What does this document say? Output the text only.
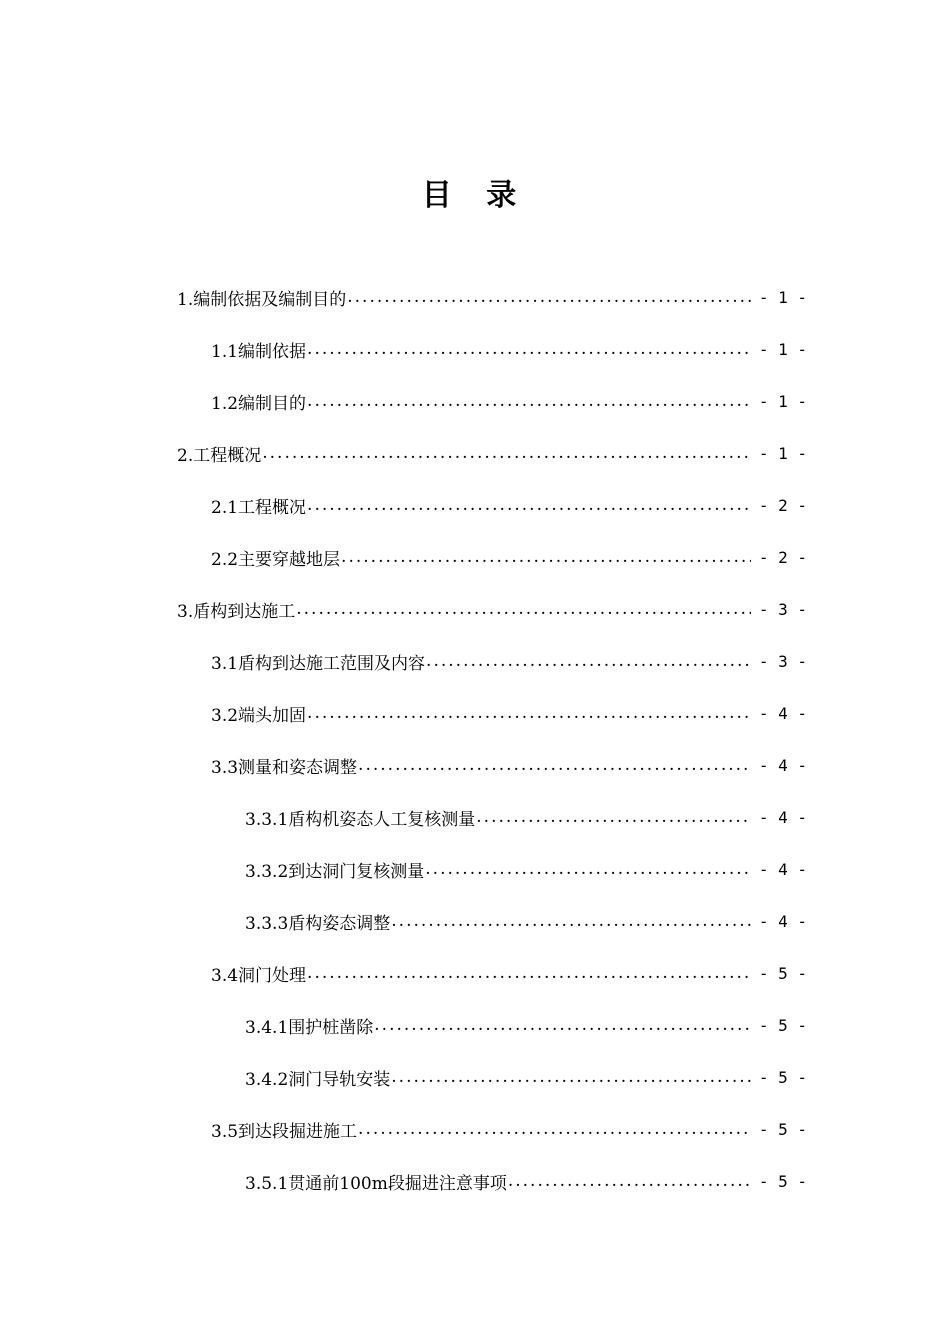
目 录
1.编制依据及编制目的 .....	- 1 -
1.1编制依据 .....	- 1 -
1.2编制目的 .....	- 1 -
2.工程概况 .....	- 1 -
2.1工程概况 .....	- 2 -
2.2主要穿越地层 .....	- 2 -
3.盾构到达施工 .....	- 3 -
3.1盾构到达施工范围及内容 .....	- 3 -
3.2端头加固 .....	- 4 -
3.3测量和姿态调整 .....	- 4 -
3.3.1盾构机姿态人工复核测量 .....	- 4 -
3.3.2到达洞门复核测量 .....	- 4 -
3.3.3盾构姿态调整 .....	- 4 -
3.4洞门处理 .....	- 5 -
3.4.1围护桩凿除 .....	- 5 -
3.4.2洞门导轨安装 .....	- 5 -
3.5到达段掘进施工 .....	- 5 -
3.5.1贯通前100m段掘进注意事项 .....	- 5 -
